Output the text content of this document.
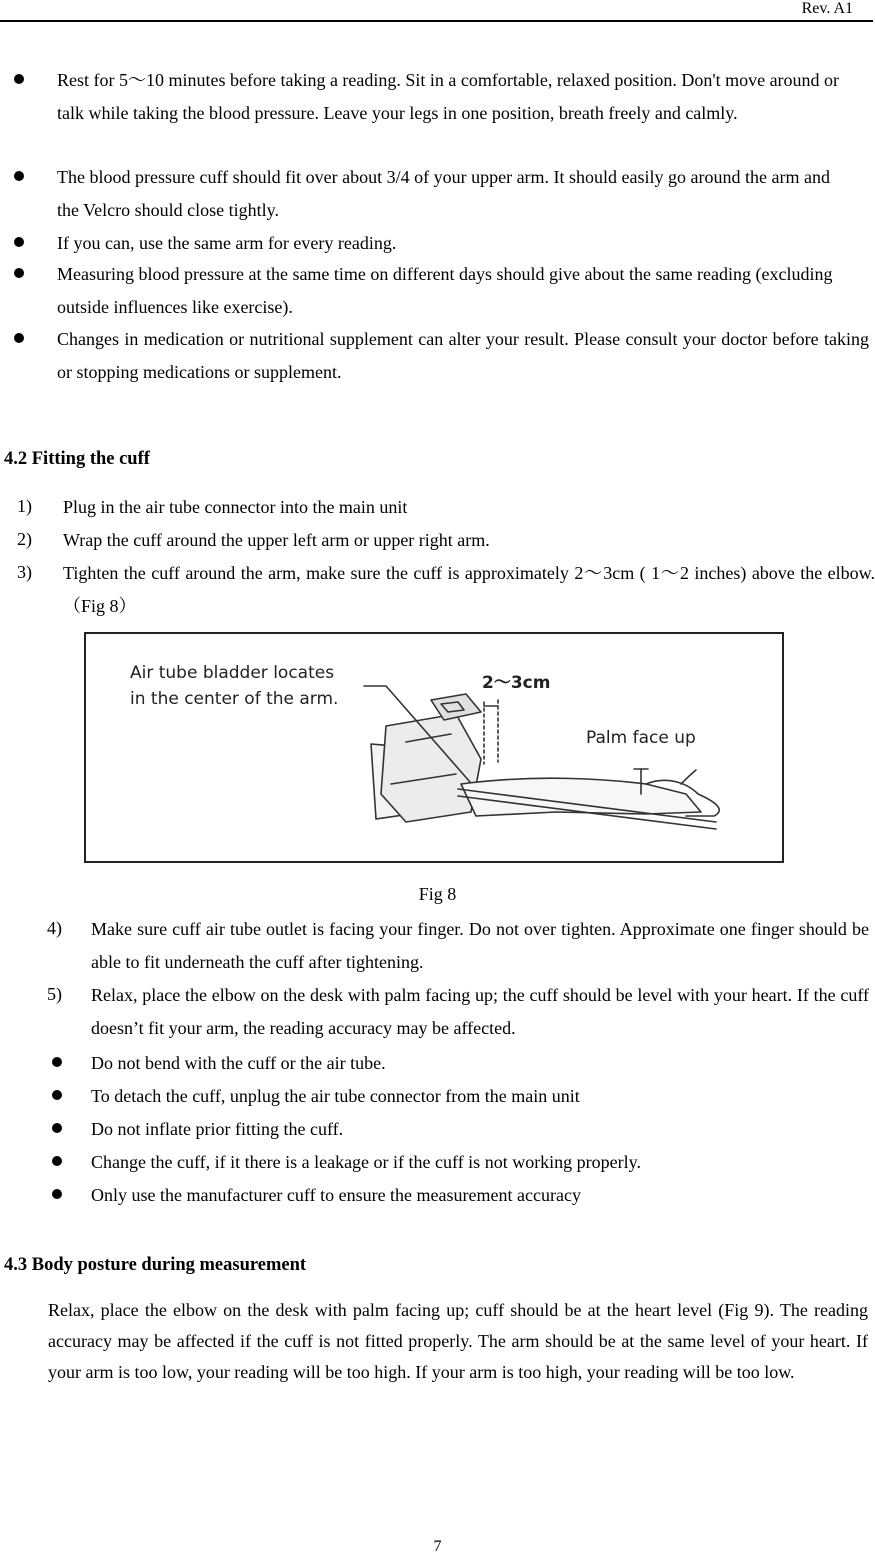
Rev. A1
Rest for 5～10 minutes before taking a reading. Sit in a comfortable, relaxed position. Don't move around or talk while taking the blood pressure. Leave your legs in one position, breath freely and calmly.
The blood pressure cuff should fit over about 3/4 of your upper arm. It should easily go around the arm and the Velcro should close tightly.
If you can, use the same arm for every reading.
Measuring blood pressure at the same time on different days should give about the same reading (excluding outside influences like exercise).
Changes in medication or nutritional supplement can alter your result. Please consult your doctor before taking or stopping medications or supplement.
4.2 Fitting the cuff
1) Plug in the air tube connector into the main unit
2) Wrap the cuff around the upper left arm or upper right arm.
3) Tighten the cuff around the arm, make sure the cuff is approximately 2～3cm ( 1～2 inches) above the elbow.（Fig 8）
Air tube bladder locates
in the center of the arm.
2～3cm
Palm face up
Fig 8
4) Make sure cuff air tube outlet is facing your finger. Do not over tighten. Approximate one finger should be able to fit underneath the cuff after tightening.
5) Relax, place the elbow on the desk with palm facing up; the cuff should be level with your heart. If the cuff doesn’t fit your arm, the reading accuracy may be affected.
Do not bend with the cuff or the air tube.
To detach the cuff, unplug the air tube connector from the main unit
Do not inflate prior fitting the cuff.
Change the cuff, if it there is a leakage or if the cuff is not working properly.
Only use the manufacturer cuff to ensure the measurement accuracy
4.3 Body posture during measurement
Relax, place the elbow on the desk with palm facing up; cuff should be at the heart level (Fig 9). The reading accuracy may be affected if the cuff is not fitted properly. The arm should be at the same level of your heart. If your arm is too low, your reading will be too high. If your arm is too high, your reading will be too low.
7
